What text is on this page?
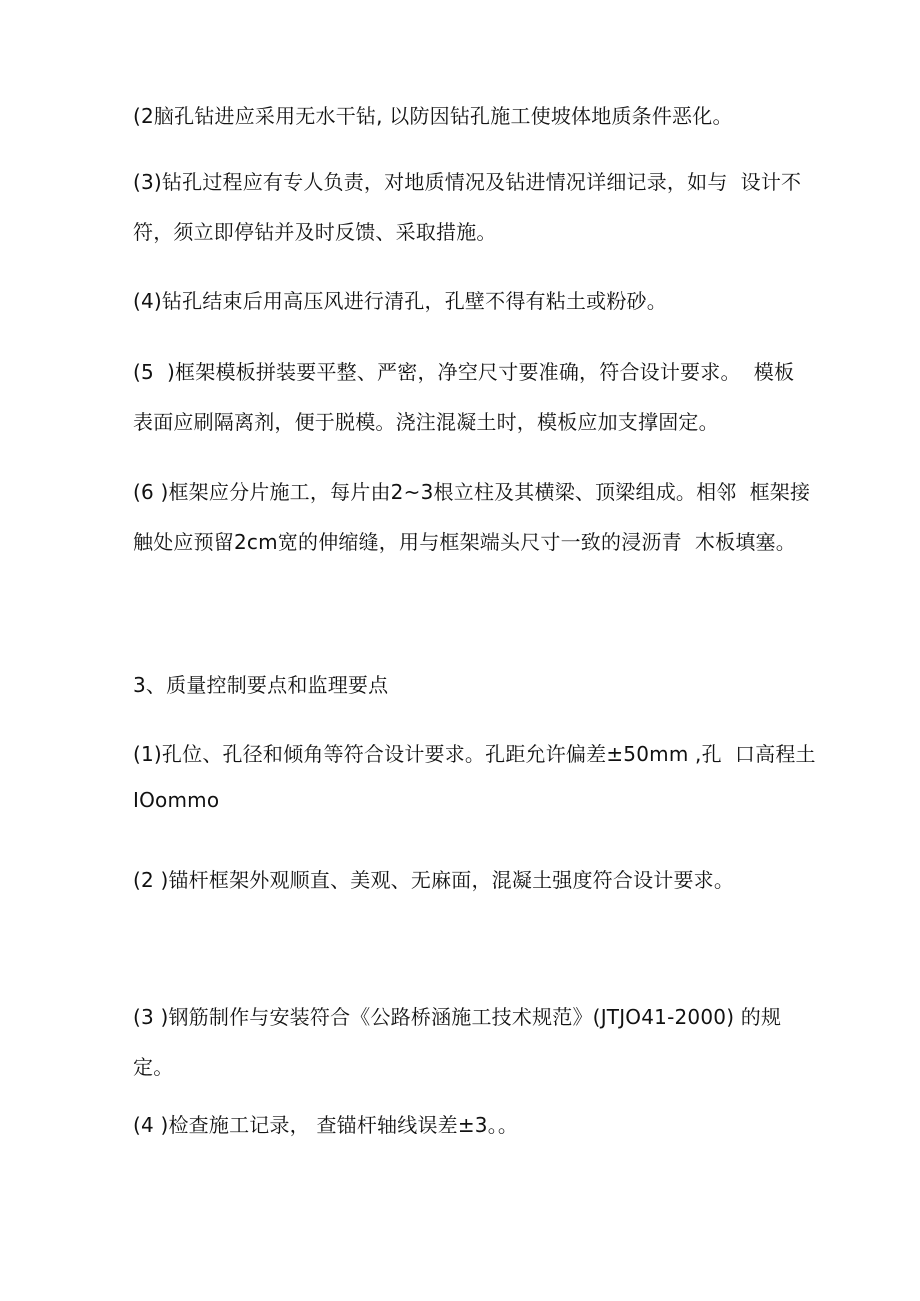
(2脑孔钻进应采用无水干钻, 以防因钻孔施工使坡体地质条件恶化。

(3)钻孔过程应有专人负责，对地质情况及钻进情况详细记录，如与  设计不

符，须立即停钻并及时反馈、采取措施。

(4)钻孔结束后用高压风进行清孔，孔壁不得有粘土或粉砂。

(5  )框架模板拼装要平整、严密，净空尺寸要准确，符合设计要求。  模板

表面应刷隔离剂，便于脱模。浇注混凝土时，模板应加支撑固定。

(6 )框架应分片施工，每片由2~3根立柱及其横梁、顶梁组成。相邻  框架接

触处应预留2cm宽的伸缩缝，用与框架端头尺寸一致的浸沥青  木板填塞。

3、质量控制要点和监理要点

(1)孔位、孔径和倾角等符合设计要求。孔距允许偏差±50mm ,孔  口高程土

IOommo

(2 )锚杆框架外观顺直、美观、无麻面，混凝土强度符合设计要求。

(3 )钢筋制作与安装符合《公路桥涵施工技术规范》(JTJO41-2000) 的规

定。

(4 )检查施工记录， 查锚杆轴线误差±3。。
